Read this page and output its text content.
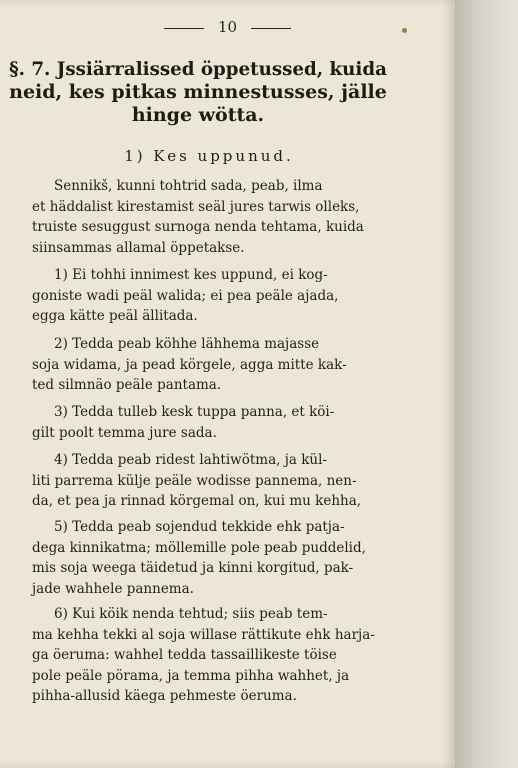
10
§. 7. Jssiärralissed öppetussed, kuida
neid, kes pitkas minnestusses, jälle
hinge wötta.
1) Kes uppunud.
Sennikš, kunni tohtrid sada, peab, ilma
et häddalist kirestamist seäl jures tarwis olleks,
truiste sesuggust surnoga nenda tehtama, kuida
siinsammas allamal öppetakse.
1) Ei tohhi innimest kes uppund, ei kog-
goniste wadi peäl walida; ei pea peäle ajada,
egga kätte peäl ällitada.
2) Tedda peab köhhe lähhema majasse
soja widama, ja pead körgele, agga mitte kak-
ted silmnäo peäle pantama.
3) Tedda tulleb kesk tuppa panna, et köi-
gilt poolt temma jure sada.
4) Tedda peab ridest lahtiwötma, ja kül-
liti parrema külje peäle wodisse pannema, nen-
da, et pea ja rinnad körgemal on, kui mu kehha,
5) Tedda peab sojendud tekkide ehk patja-
dega kinnikatma; möllemille pole peab puddelid,
mis soja weega täidetud ja kinni korgitud, pak-
jade wahhele pannema.
6) Kui köik nenda tehtud; siis peab tem-
ma kehha tekki al soja willase rättikute ehk harja-
ga öeruma: wahhel tedda tassaillikeste töise
pole peäle pörama, ja temma pihha wahhet, ja
pihha-allusid käega pehmeste öeruma.
